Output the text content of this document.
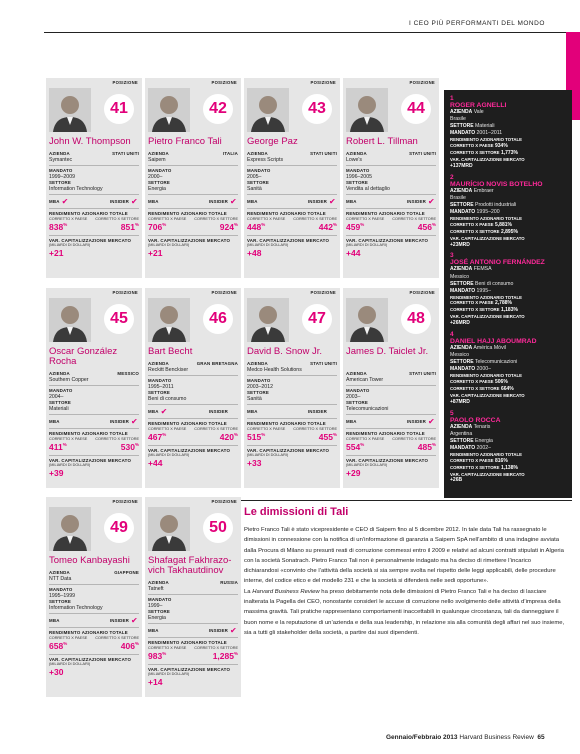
I CEO PIÙ PERFORMANTI DEL MONDO
POSIZIONE
41
John W. Thompson
AZIENDA	STATI UNITI
Symantec
MANDATO
1999–2009
SETTORE
Information Technology
MBA ✔	INSIDER ✔
RENDIMENTO AZIONARIO TOTALE
CORRETTO X PAESE CORRETTO X SETTORE
838%	851%
VAR. CAPITALIZZAZIONE MERCATO
(MILIARDI DI DOLLARI)
+21
POSIZIONE
42
Pietro Franco Tali
AZIENDA	ITALIA
Saipem
MANDATO
2000–
SETTORE
Energia
MBA	INSIDER ✔
RENDIMENTO AZIONARIO TOTALE
CORRETTO X PAESE CORRETTO X SETTORE
706%	924%
VAR. CAPITALIZZAZIONE MERCATO
(MILIARDI DI DOLLARI)
+21
POSIZIONE
43
George Paz
AZIENDA	STATI UNITI
Express Scripts
MANDATO
2005–
SETTORE
Sanità
MBA	INSIDER ✔
RENDIMENTO AZIONARIO TOTALE
CORRETTO X PAESE CORRETTO X SETTORE
448%	442%
VAR. CAPITALIZZAZIONE MERCATO
(MILIARDI DI DOLLARI)
+48
POSIZIONE
44
Robert L. Tillman
AZIENDA	STATI UNITI
Lowe's
MANDATO
1996–2005
SETTORE
Vendita al dettaglio
MBA	INSIDER ✔
RENDIMENTO AZIONARIO TOTALE
CORRETTO X PAESE CORRETTO X SETTORE
459%	456%
VAR. CAPITALIZZAZIONE MERCATO
(MILIARDI DI DOLLARI)
+44
POSIZIONE
45
Oscar González Rocha
AZIENDA	MESSICO
Southern Copper
MANDATO
2004–
SETTORE
Materiali
MBA	INSIDER ✔
RENDIMENTO AZIONARIO TOTALE
CORRETTO X PAESE CORRETTO X SETTORE
411%	530%
VAR. CAPITALIZZAZIONE MERCATO
(MILIARDI DI DOLLARI)
+39
POSIZIONE
46
Bart Becht
AZIENDA	GRAN BRETAGNA
Reckitt Benckiser
MANDATO
1995–2011
SETTORE
Beni di consumo
MBA ✔	INSIDER
RENDIMENTO AZIONARIO TOTALE
CORRETTO X PAESE CORRETTO X SETTORE
467%	420%
VAR. CAPITALIZZAZIONE MERCATO
(MILIARDI DI DOLLARI)
+44
POSIZIONE
47
David B. Snow Jr.
AZIENDA	STATI UNITI
Medco Health Solutions
MANDATO
2003–2012
SETTORE
Sanità
MBA	INSIDER
RENDIMENTO AZIONARIO TOTALE
CORRETTO X PAESE CORRETTO X SETTORE
515%	455%
VAR. CAPITALIZZAZIONE MERCATO
(MILIARDI DI DOLLARI)
+33
POSIZIONE
48
James D. Taiclet Jr.
AZIENDA	STATI UNITI
American Tower
MANDATO
2003–
SETTORE
Telecomunicazioni
MBA	INSIDER ✔
RENDIMENTO AZIONARIO TOTALE
CORRETTO X PAESE CORRETTO X SETTORE
554%	485%
VAR. CAPITALIZZAZIONE MERCATO
(MILIARDI DI DOLLARI)
+29
POSIZIONE
49
Tomeo Kanbayashi
AZIENDA	GIAPPONE
NTT Data
MANDATO
1995–1999
SETTORE
Information Technology
MBA	INSIDER ✔
RENDIMENTO AZIONARIO TOTALE
CORRETTO X PAESE CORRETTO X SETTORE
658%	406%
VAR. CAPITALIZZAZIONE MERCATO
(MILIARDI DI DOLLARI)
+30
POSIZIONE
50
Shafagat Fakhrazo-vich Takhautdinov
AZIENDA	RUSSIA
Tatneft
MANDATO
1999–
SETTORE
Energia
MBA	INSIDER ✔
RENDIMENTO AZIONARIO TOTALE
CORRETTO X PAESE CORRETTO X SETTORE
983%	1,285%
VAR. CAPITALIZZAZIONE MERCATO
(MILIARDI DI DOLLARI)
+14
1
ROGER AGNELLI
AZIENDA Vale
Brasile
SETTORE Materiali
MANDATO 2001–2011
RENDIMENTO AZIONARIO TOTALE
CORRETTO X PAESE 934%
CORRETTO X SETTORE 1,773%
VAR. CAPITALIZZAZIONE MERCATO
+137MRD
2
MAURÍCIO NOVIS BOTELHO
AZIENDA Embraer
Brasile
SETTORE Prodotti industriali
MANDATO 1995–200
RENDIMENTO AZIONARIO TOTALE
CORRETTO X PAESE 5,881%
CORRETTO X SETTORE 2,895%
VAR. CAPITALIZZAZIONE MERCATO
+23MRD
3
JOSÉ ANTONIO FERNÁNDEZ
AZIENDA FEMSA
Messico
SETTORE Beni di consumo
MANDATO 1995–
RENDIMENTO AZIONARIO TOTALE
CORRETTO X PAESE 2,788%
CORRETTO X SETTORE 1,183%
VAR. CAPITALIZZAZIONE MERCATO
+26MRD
4
DANIEL HAJJ ABOUMRAD
AZIENDA América Móvil
Messico
SETTORE Telecomunicazioni
MANDATO 2000–
RENDIMENTO AZIONARIO TOTALE
CORRETTO X PAESE 506%
CORRETTO X SETTORE 664%
VAR. CAPITALIZZAZIONE MERCATO
+87MRD
5
PAOLO ROCCA
AZIENDA Tenaris
Argentina
SETTORE Energia
MANDATO 2002–
RENDIMENTO AZIONARIO TOTALE
CORRETTO X PAESE 816%
CORRETTO X SETTORE 1,138%
VAR. CAPITALIZZAZIONE MERCATO
+26B
Le dimissioni di Tali

Pietro Franco Tali è stato vicepresidente e CEO di Saipem fino al 5 dicembre 2012. In tale data Tali ha rassegnato le dimissioni in connessione con la notifica di un’informazione di garanzia a Saipem SpA nell’ambito di una indagine avviata dalla Procura di Milano su presunti reati di corruzione commessi entro il 2009 e relativi ad alcuni contratti stipulati in Algeria con la società Sonatrach. Pietro Franco Tali non è personalmente indagato ma ha deciso di rimettere l’incarico dichiarandosi «convinto che l’attività della società si sia sempre svolta nel rispetto delle leggi applicabili, delle procedure interne, del codice etico e del modello 231 e che la società si difenderà nelle sedi opportune».

La Harvard Business Review ha preso debitamente nota delle dimissioni di Pietro Franco Tali e ha deciso di lasciare inalterata la Pagella dei CEO, nonostante considerì le accuse di corruzione nello svolgimento delle attività d’impresa della massima gravità. Tali pratiche rappresentano comportamenti inaccettabili in qualunque circostanza, tali da danneggiare il buon nome e la reputazione di un’azienda e della sua leadership, in relazione sia alla comunità degli affari nel suo insieme, sia a tutti gli stakeholder della società, a partire dai suoi dipendenti.

Gennaio/Febbraio 2013 Harvard Business Review 65
